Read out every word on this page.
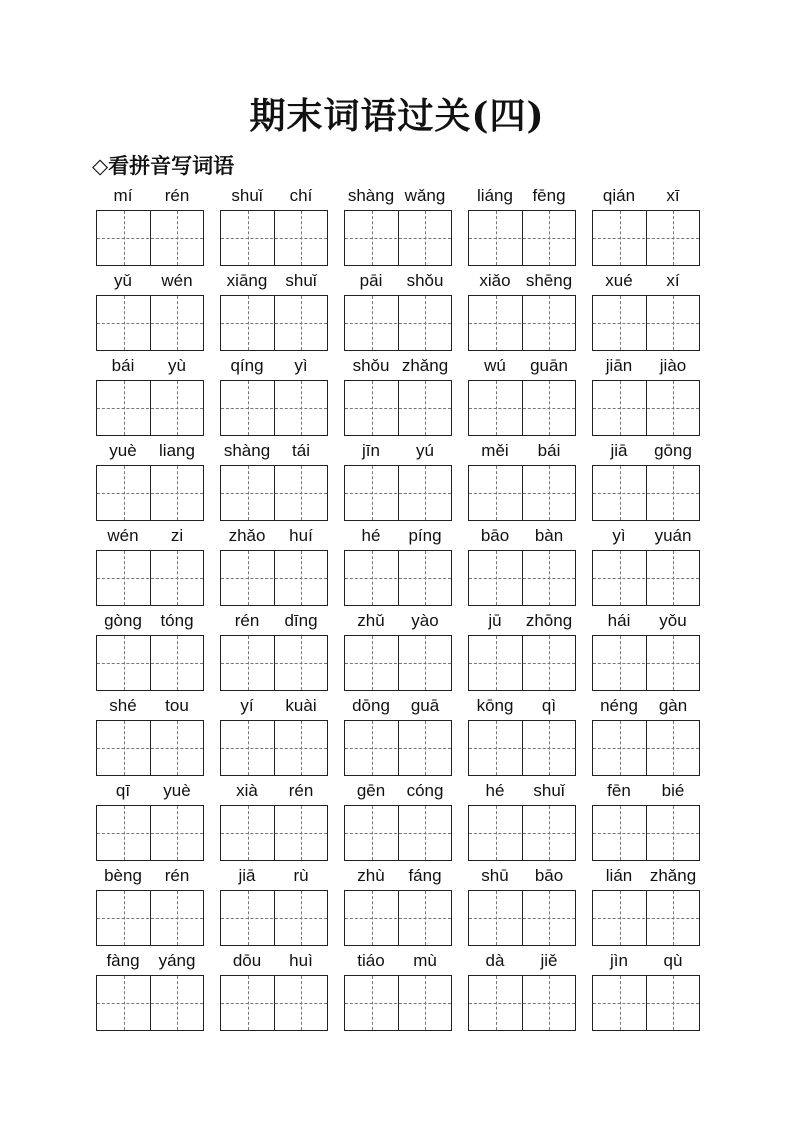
期末词语过关(四)
◇看拼音写词语
mí	rén	shuǐ	chí	shàng wǎng	liáng	fēng	qián	xī
yǔ	wén	xiāng	shuǐ	pāi	shǒu	xiǎo shēng	xué	xí
bái	yù	qíng	yì	shǒu zhǎng	wú	guān	jiān	jiào
yuè	liang	shàng	tái	jīn	yú	měi	bái	jiā	gōng
wén	zi	zhǎo	huí	hé	píng	bāo	bàn	yì	yuán
gòng	tóng	rén	dīng	zhǔ	yào	jū	zhōng	hái	yǒu
shé	tou	yí	kuài	dōng	guā	kōng	qì	néng	gàn
qī	yuè	xià	rén	gēn	cóng	hé	shuǐ	fēn	bié
bèng	rén	jiā	rù	zhù	fáng	shū	bāo	lián	zhǎng
fàng	yáng	dōu	huì	tiáo	mù	dà	jiě	jìn	qù
